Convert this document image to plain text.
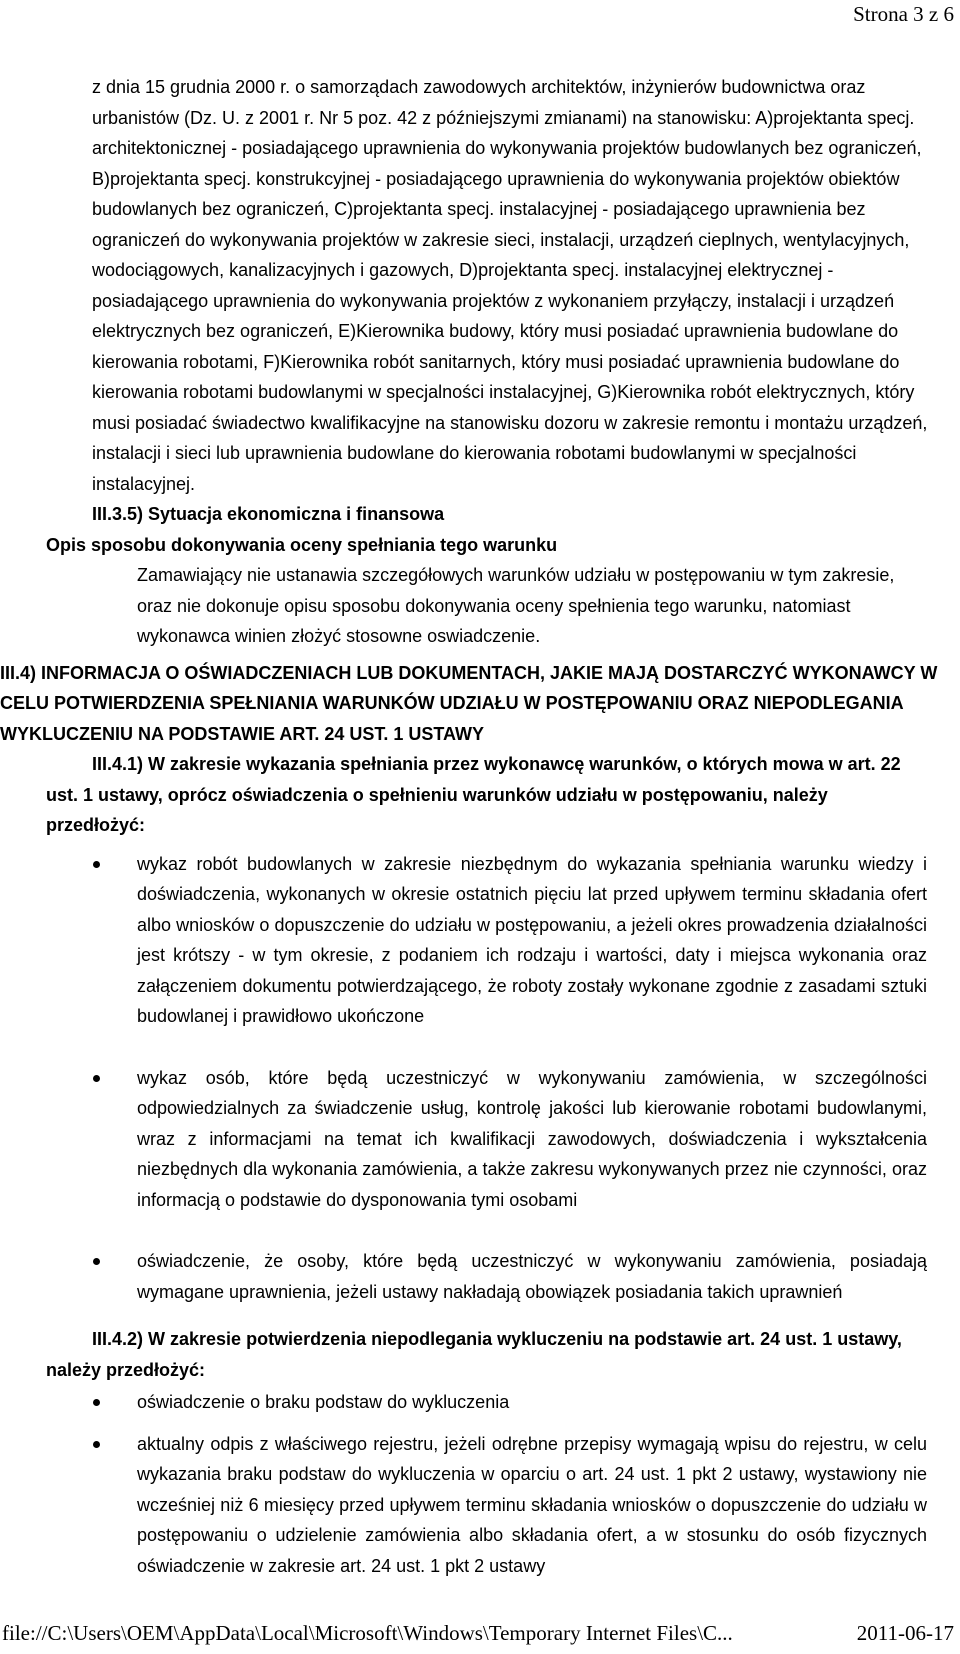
Strona 3 z 6

z dnia 15 grudnia 2000 r. o samorządach zawodowych architektów, inżynierów budownictwa oraz urbanistów (Dz. U. z 2001 r. Nr 5 poz. 42 z późniejszymi zmianami) na stanowisku: A)projektanta specj. architektonicznej - posiadającego uprawnienia do wykonywania projektów budowlanych bez ograniczeń, B)projektanta specj. konstrukcyjnej - posiadającego uprawnienia do wykonywania projektów obiektów budowlanych bez ograniczeń, C)projektanta specj. instalacyjnej - posiadającego uprawnienia bez ograniczeń do wykonywania projektów w zakresie sieci, instalacji, urządzeń cieplnych, wentylacyjnych, wodociągowych, kanalizacyjnych i gazowych, D)projektanta specj. instalacyjnej elektrycznej - posiadającego uprawnienia do wykonywania projektów z wykonaniem przyłączy, instalacji i urządzeń elektrycznych bez ograniczeń, E)Kierownika budowy, który musi posiadać uprawnienia budowlane do kierowania robotami, F)Kierownika robót sanitarnych, który musi posiadać uprawnienia budowlane do kierowania robotami budowlanymi w specjalności instalacyjnej, G)Kierownika robót elektrycznych, który musi posiadać świadectwo kwalifikacyjne na stanowisku dozoru w zakresie remontu i montażu urządzeń, instalacji i sieci lub uprawnienia budowlane do kierowania robotami budowlanymi w specjalności instalacyjnej.

III.3.5) Sytuacja ekonomiczna i finansowa

Opis sposobu dokonywania oceny spełniania tego warunku

Zamawiający nie ustanawia szczegółowych warunków udziału w postępowaniu w tym zakresie, oraz nie dokonuje opisu sposobu dokonywania oceny spełnienia tego warunku, natomiast wykonawca winien złożyć stosowne oswiadczenie.

III.4) INFORMACJA O OŚWIADCZENIACH LUB DOKUMENTACH, JAKIE MAJĄ DOSTARCZYĆ WYKONAWCY W CELU POTWIERDZENIA SPEŁNIANIA WARUNKÓW UDZIAŁU W POSTĘPOWANIU ORAZ NIEPODLEGANIA WYKLUCZENIU NA PODSTAWIE ART. 24 UST. 1 USTAWY

III.4.1) W zakresie wykazania spełniania przez wykonawcę warunków, o których mowa w art. 22
ust. 1 ustawy, oprócz oświadczenia o spełnieniu warunków udziału w postępowaniu, należy przedłożyć:

wykaz robót budowlanych w zakresie niezbędnym do wykazania spełniania warunku wiedzy i doświadczenia, wykonanych w okresie ostatnich pięciu lat przed upływem terminu składania ofert albo wniosków o dopuszczenie do udziału w postępowaniu, a jeżeli okres prowadzenia działalności jest krótszy - w tym okresie, z podaniem ich rodzaju i wartości, daty i miejsca wykonania oraz załączeniem dokumentu potwierdzającego, że roboty zostały wykonane zgodnie z zasadami sztuki budowlanej i prawidłowo ukończone
wykaz osób, które będą uczestniczyć w wykonywaniu zamówienia, w szczególności odpowiedzialnych za świadczenie usług, kontrolę jakości lub kierowanie robotami budowlanymi, wraz z informacjami na temat ich kwalifikacji zawodowych, doświadczenia i wykształcenia niezbędnych dla wykonania zamówienia, a także zakresu wykonywanych przez nie czynności, oraz informacją o podstawie do dysponowania tymi osobami
oświadczenie, że osoby, które będą uczestniczyć w wykonywaniu zamówienia, posiadają wymagane uprawnienia, jeżeli ustawy nakładają obowiązek posiadania takich uprawnień

III.4.2) W zakresie potwierdzenia niepodlegania wykluczeniu na podstawie art. 24 ust. 1 ustawy,
należy przedłożyć:

oświadczenie o braku podstaw do wykluczenia
aktualny odpis z właściwego rejestru, jeżeli odrębne przepisy wymagają wpisu do rejestru, w celu wykazania braku podstaw do wykluczenia w oparciu o art. 24 ust. 1 pkt 2 ustawy, wystawiony nie wcześniej niż 6 miesięcy przed upływem terminu składania wniosków o dopuszczenie do udziału w postępowaniu o udzielenie zamówienia albo składania ofert, a w stosunku do osób fizycznych oświadczenie w zakresie art. 24 ust. 1 pkt 2 ustawy
file://C:\Users\OEM\AppData\Local\Microsoft\Windows\Temporary Internet Files\C...	2011-06-17
